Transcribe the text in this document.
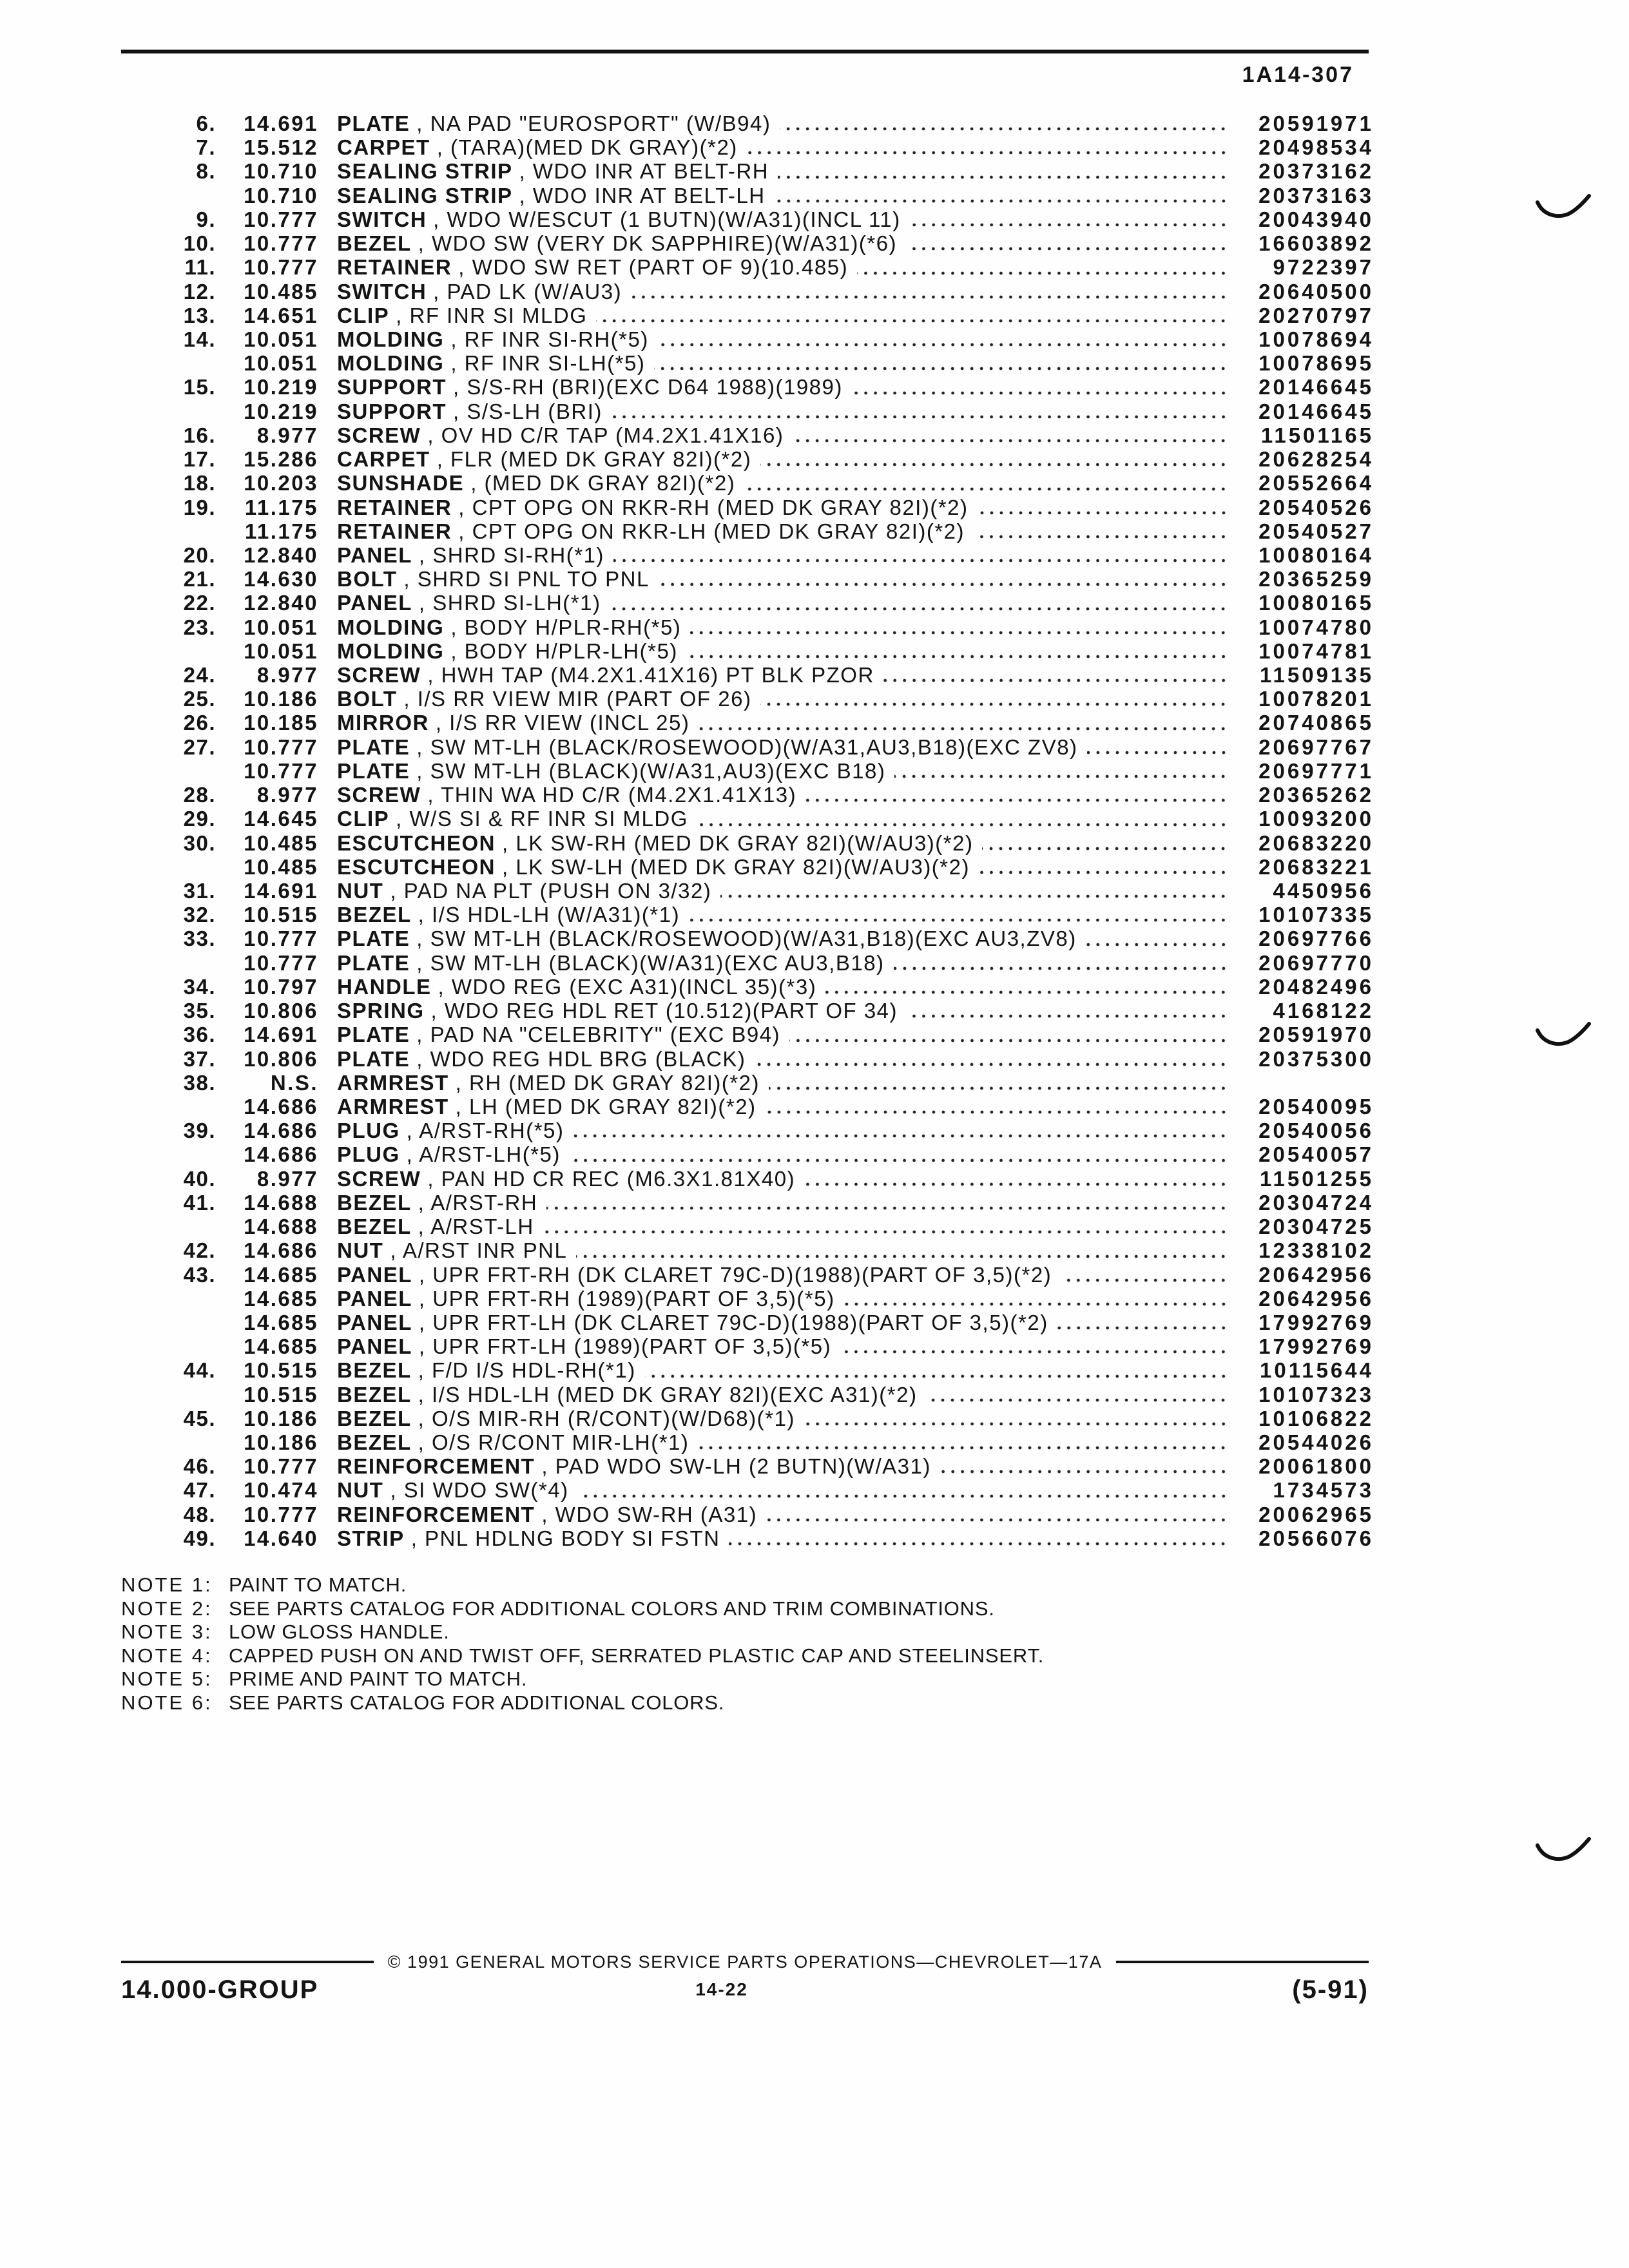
1A14-307
6.	14.691 PLATE , NA PAD "EUROSPORT" (W/B94)	20591971
7.	15.512 CARPET , (TARA)(MED DK GRAY)(*2)	20498534
8.	10.710 SEALING STRIP , WDO INR AT BELT-RH	20373162
10.710 SEALING STRIP , WDO INR AT BELT-LH	20373163
9.	10.777 SWITCH , WDO W/ESCUT (1 BUTN)(W/A31)(INCL 11)	20043940
10.	10.777 BEZEL , WDO SW (VERY DK SAPPHIRE)(W/A31)(*6)	16603892
11.	10.777 RETAINER , WDO SW RET (PART OF 9)(10.485)	9722397
12.	10.485 SWITCH , PAD LK (W/AU3)	20640500
13.	14.651 CLIP , RF INR SI MLDG	20270797
14.	10.051 MOLDING , RF INR SI-RH(*5)	10078694
10.051 MOLDING , RF INR SI-LH(*5)	10078695
15.	10.219 SUPPORT , S/S-RH (BRI)(EXC D64 1988)(1989)	20146645
10.219 SUPPORT , S/S-LH (BRI)	20146645
16.	8.977 SCREW , OV HD C/R TAP (M4.2X1.41X16)	11501165
17.	15.286 CARPET , FLR (MED DK GRAY 82I)(*2)	20628254
18.	10.203 SUNSHADE , (MED DK GRAY 82I)(*2)	20552664
19.	11.175 RETAINER , CPT OPG ON RKR-RH (MED DK GRAY 82I)(*2)	20540526
11.175 RETAINER , CPT OPG ON RKR-LH (MED DK GRAY 82I)(*2)	20540527
20.	12.840 PANEL , SHRD SI-RH(*1)	10080164
21.	14.630 BOLT , SHRD SI PNL TO PNL	20365259
22.	12.840 PANEL , SHRD SI-LH(*1)	10080165
23.	10.051 MOLDING , BODY H/PLR-RH(*5)	10074780
10.051 MOLDING , BODY H/PLR-LH(*5)	10074781
24.	8.977 SCREW , HWH TAP (M4.2X1.41X16) PT BLK PZOR	11509135
25.	10.186 BOLT , I/S RR VIEW MIR (PART OF 26)	10078201
26.	10.185 MIRROR , I/S RR VIEW (INCL 25)	20740865
27.	10.777 PLATE , SW MT-LH (BLACK/ROSEWOOD)(W/A31,AU3,B18)(EXC ZV8)	20697767
10.777 PLATE , SW MT-LH (BLACK)(W/A31,AU3)(EXC B18)	20697771
28.	8.977 SCREW , THIN WA HD C/R (M4.2X1.41X13)	20365262
29.	14.645 CLIP , W/S SI & RF INR SI MLDG	10093200
30.	10.485 ESCUTCHEON , LK SW-RH (MED DK GRAY 82I)(W/AU3)(*2)	20683220
10.485 ESCUTCHEON , LK SW-LH (MED DK GRAY 82I)(W/AU3)(*2)	20683221
31.	14.691 NUT , PAD NA PLT (PUSH ON 3/32)	4450956
32.	10.515 BEZEL , I/S HDL-LH (W/A31)(*1)	10107335
33.	10.777 PLATE , SW MT-LH (BLACK/ROSEWOOD)(W/A31,B18)(EXC AU3,ZV8)	20697766
10.777 PLATE , SW MT-LH (BLACK)(W/A31)(EXC AU3,B18)	20697770
34.	10.797 HANDLE , WDO REG (EXC A31)(INCL 35)(*3)	20482496
35.	10.806 SPRING , WDO REG HDL RET (10.512)(PART OF 34)	4168122
36.	14.691 PLATE , PAD NA "CELEBRITY" (EXC B94)	20591970
37.	10.806 PLATE , WDO REG HDL BRG (BLACK)	20375300
38.	N.S. ARMREST , RH (MED DK GRAY 82I)(*2)
14.686 ARMREST , LH (MED DK GRAY 82I)(*2)	20540095
39.	14.686 PLUG , A/RST-RH(*5)	20540056
14.686 PLUG , A/RST-LH(*5)	20540057
40.	8.977 SCREW , PAN HD CR REC (M6.3X1.81X40)	11501255
41.	14.688 BEZEL , A/RST-RH	20304724
14.688 BEZEL , A/RST-LH	20304725
42.	14.686 NUT , A/RST INR PNL	12338102
43.	14.685 PANEL , UPR FRT-RH (DK CLARET 79C-D)(1988)(PART OF 3,5)(*2)	20642956
14.685 PANEL , UPR FRT-RH (1989)(PART OF 3,5)(*5)	20642956
14.685 PANEL , UPR FRT-LH (DK CLARET 79C-D)(1988)(PART OF 3,5)(*2)	17992769
14.685 PANEL , UPR FRT-LH (1989)(PART OF 3,5)(*5)	17992769
44.	10.515 BEZEL , F/D I/S HDL-RH(*1)	10115644
10.515 BEZEL , I/S HDL-LH (MED DK GRAY 82I)(EXC A31)(*2)	10107323
45.	10.186 BEZEL , O/S MIR-RH (R/CONT)(W/D68)(*1)	10106822
10.186 BEZEL , O/S R/CONT MIR-LH(*1)	20544026
46.	10.777 REINFORCEMENT , PAD WDO SW-LH (2 BUTN)(W/A31)	20061800
47.	10.474 NUT , SI WDO SW(*4)	1734573
48.	10.777 REINFORCEMENT , WDO SW-RH (A31)	20062965
49.	14.640 STRIP , PNL HDLNG BODY SI FSTN	20566076
NOTE 1: PAINT TO MATCH.
NOTE 2: SEE PARTS CATALOG FOR ADDITIONAL COLORS AND TRIM COMBINATIONS.
NOTE 3: LOW GLOSS HANDLE.
NOTE 4: CAPPED PUSH ON AND TWIST OFF, SERRATED PLASTIC CAP AND STEELINSERT.
NOTE 5: PRIME AND PAINT TO MATCH.
NOTE 6: SEE PARTS CATALOG FOR ADDITIONAL COLORS.
© 1991 GENERAL MOTORS SERVICE PARTS OPERATIONS—CHEVROLET—17A
14.000-GROUP	14-22	(5-91)
